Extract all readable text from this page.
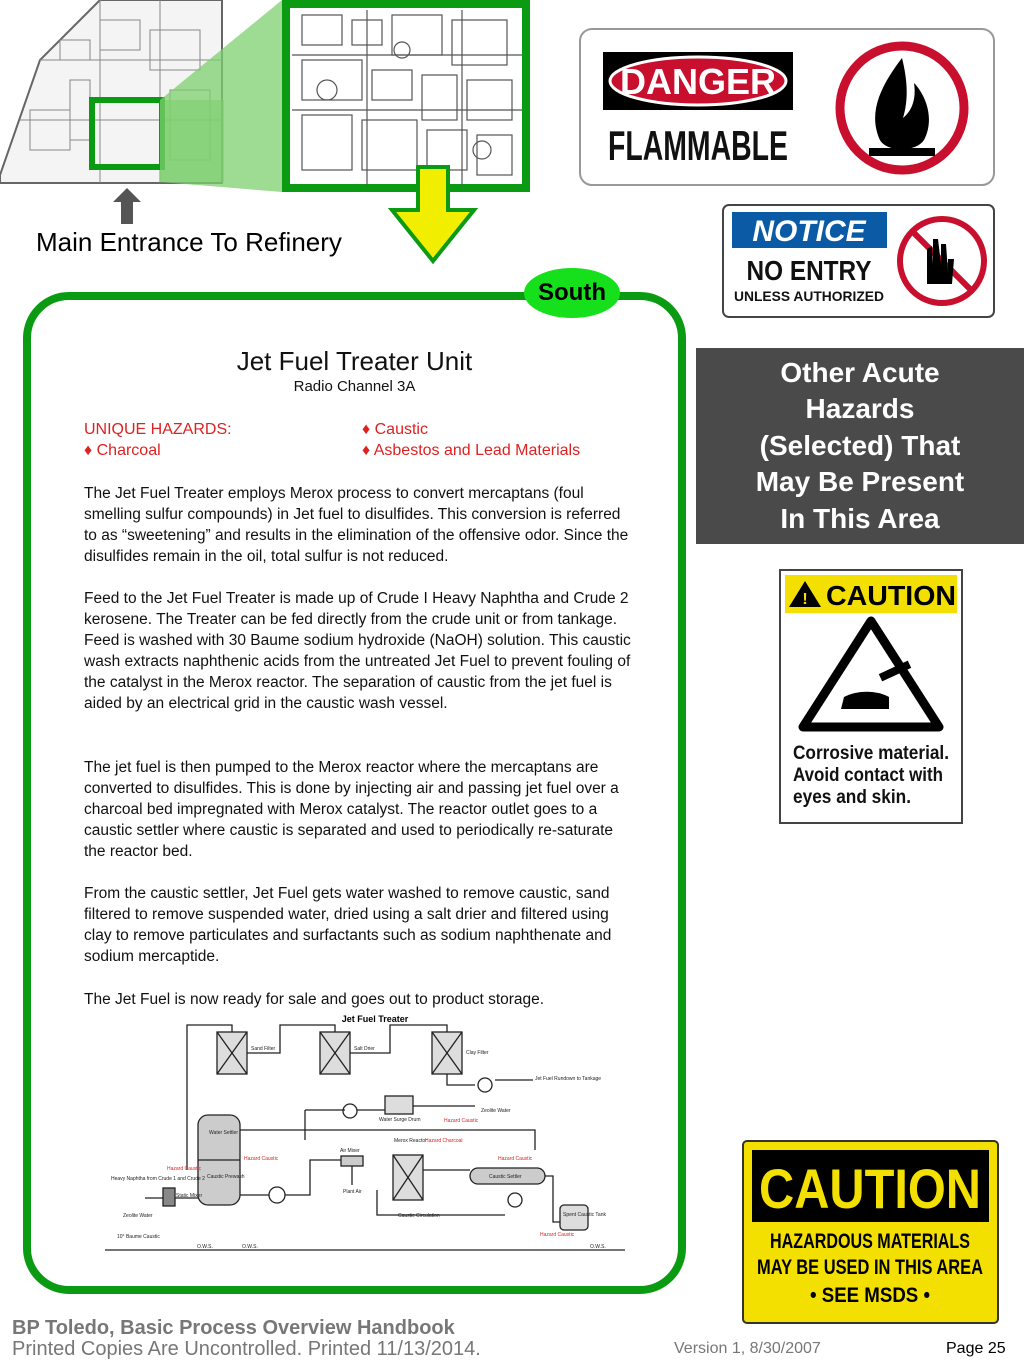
Main Entrance To Refinery
South
Jet Fuel Treater Unit
Radio Channel 3A
UNIQUE HAZARDS:
♦ Charcoal
♦ Caustic
♦ Asbestos and Lead Materials
The Jet Fuel Treater employs Merox process to convert mercaptans (foul smelling sulfur compounds) in Jet fuel to disulfides. This conversion is referred to as “sweetening” and results in the elimination of the offensive odor. Since the disulfides remain in the oil, total sulfur is not reduced.
Feed to the Jet Fuel Treater is made up of Crude I Heavy Naphtha and Crude 2 kerosene. The Treater can be fed directly from the crude unit or from tankage. Feed is washed with 30 Baume sodium hydroxide (NaOH) solution. This caustic wash extracts naphthenic acids from the untreated Jet Fuel to prevent fouling of the catalyst in the Merox reactor. The separation of caustic from the jet fuel is aided by an electrical grid in the caustic wash vessel.
The jet fuel is then pumped to the Merox reactor where the mercaptans are converted to disulfides. This is done by injecting air and passing jet fuel over a charcoal bed impregnated with Merox catalyst. The reactor outlet goes to a caustic settler where caustic is separated and used to periodically re-saturate the reactor bed.
From the caustic settler, Jet Fuel gets water washed to remove caustic, sand filtered to remove suspended water, dried using a salt drier and filtered using clay to remove particulates and surfactants such as sodium naphthenate and sodium mercaptide.
The Jet Fuel is now ready for sale and goes out to product storage.
Jet Fuel Treater
Sand Filter	Salt Drier
Clay Filter
Jet Fuel Rundown to Tankage
Zeolite Water
Water Surge Drum
Water Settler
Caustic Prewash
Air Mixer
Plant Air
Merox Reactor
Caustic Settler
Caustic Circulation	Spent Caustic Tank
Heavy Naphtha from Crude 1 and Crude 2
Static Mixer
Zeolite Water
10° Baume Caustic
O.W.S.	O.W.S.	O.W.S.
Hazard Caustic
Hazard Caustic
Hazard Caustic
Hazard Charcoal
Hazard Caustic
Hazard Caustic
DANGER
FLAMMABLE
NOTICE
NO ENTRY
UNLESS AUTHORIZED
Other Acute
Hazards
(Selected) That
May Be Present
In This Area
! CAUTION
Corrosive material.
Avoid contact with
eyes and skin.
CAUTION
HAZARDOUS MATERIALS
MAY BE USED IN THIS AREA
• SEE MSDS •
BP Toledo, Basic Process Overview Handbook
Printed Copies Are Uncontrolled. Printed 11/13/2014.	Version 1, 8/30/2007	Page 25
